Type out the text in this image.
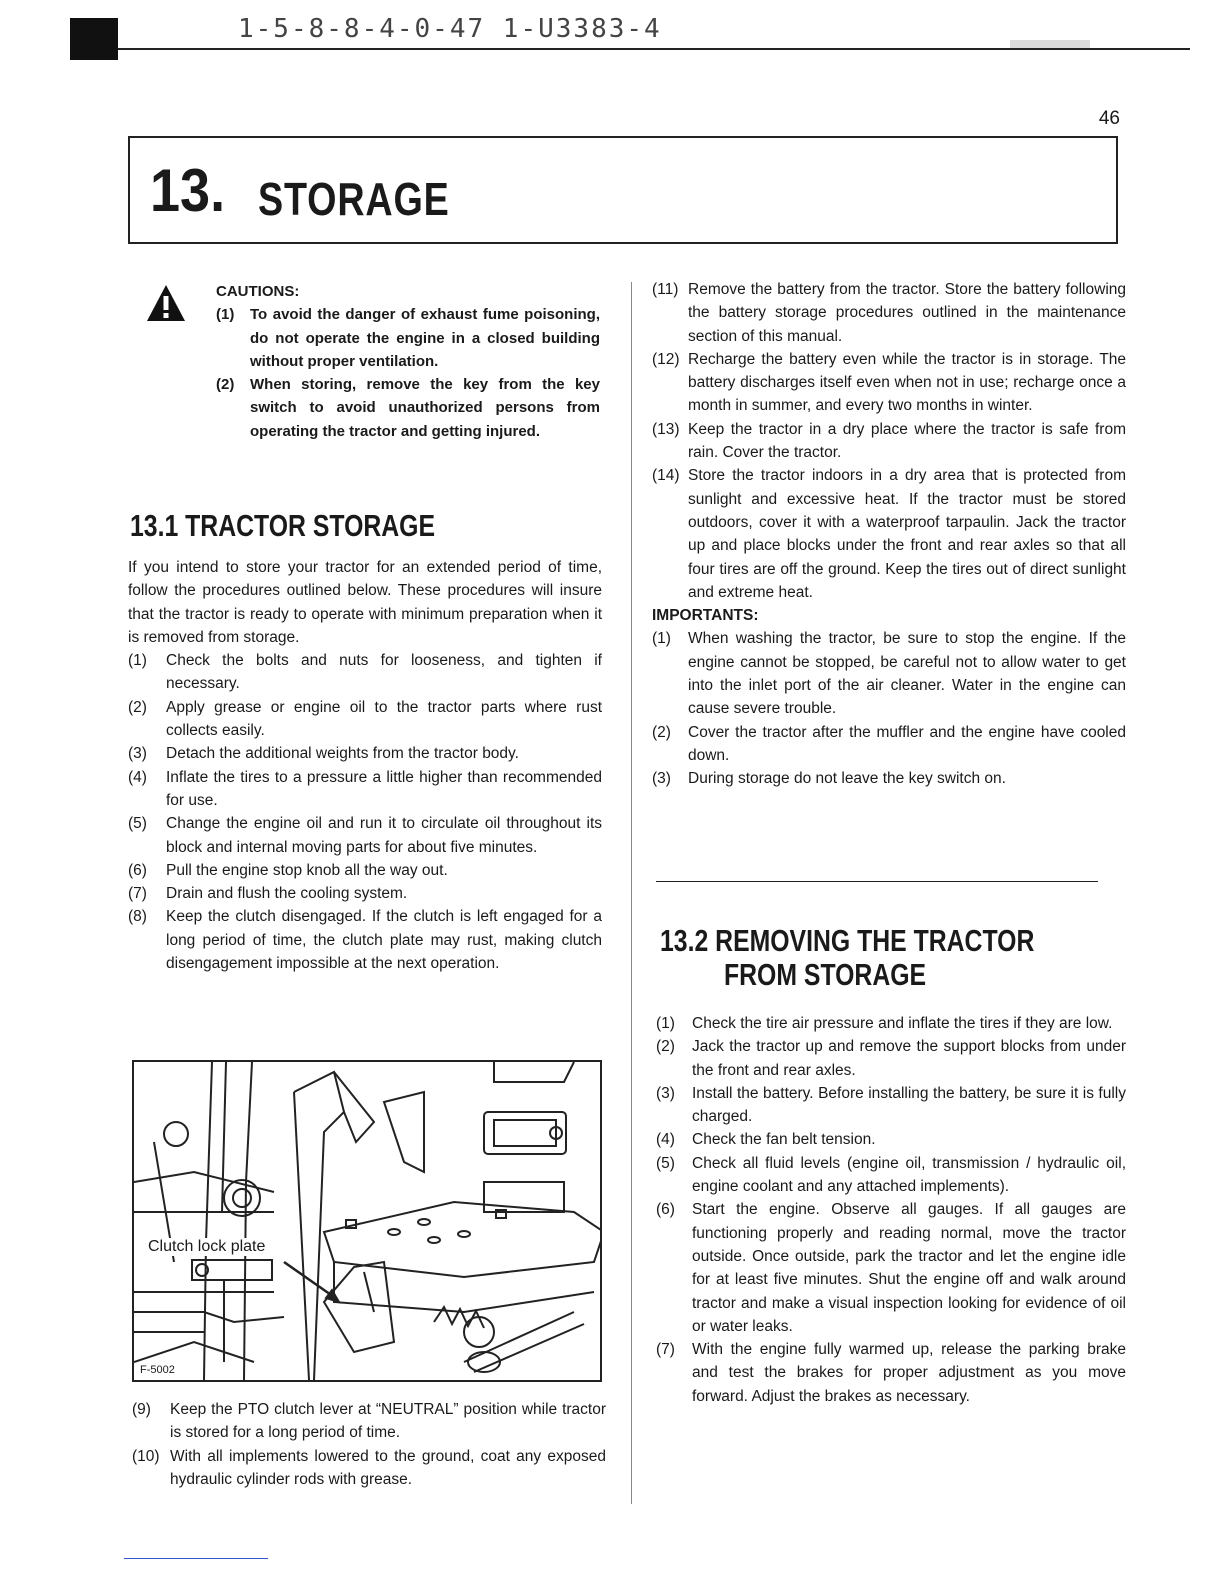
1-5-8-8-4-0-47 1-U3383-4
46
13. STORAGE

CAUTIONS:

(1)	To avoid the danger of exhaust fume poisoning, do not operate the engine in a closed building without proper ventilation.
(2)	When storing, remove the key from the key switch to avoid unauthorized persons from operating the tractor and getting injured.
13.1 TRACTOR STORAGE

If you intend to store your tractor for an extended period of time, follow the procedures outlined below. These procedures will insure that the tractor is ready to operate with minimum preparation when it is removed from storage.

(1)	Check the bolts and nuts for looseness, and tighten if necessary.
(2)	Apply grease or engine oil to the tractor parts where rust collects easily.
(3)	Detach the additional weights from the tractor body.
(4)	Inflate the tires to a pressure a little higher than recommended for use.
(5)	Change the engine oil and run it to circulate oil throughout its block and internal moving parts for about five minutes.
(6)	Pull the engine stop knob all the way out.
(7)	Drain and flush the cooling system.
(8)	Keep the clutch disengaged. If the clutch is left engaged for a long period of time, the clutch plate may rust, making clutch disengagement impossible at the next operation.
Clutch lock plate
F-5002
(9)	Keep the PTO clutch lever at “NEUTRAL” position while tractor is stored for a long period of time.
(10) With all implements lowered to the ground, coat any exposed hydraulic cylinder rods with grease.
(11) Remove the battery from the tractor. Store the battery following the battery storage procedures outlined in the maintenance section of this manual.
(12) Recharge the battery even while the tractor is in storage. The battery discharges itself even when not in use; recharge once a month in summer, and every two months in winter.
(13) Keep the tractor in a dry place where the tractor is safe from rain. Cover the tractor.
(14) Store the tractor indoors in a dry area that is protected from sunlight and excessive heat. If the tractor must be stored outdoors, cover it with a waterproof tarpaulin. Jack the tractor up and place blocks under the front and rear axles so that all four tires are off the ground. Keep the tires out of direct sunlight and extreme heat.

IMPORTANTS:

(1)	When washing the tractor, be sure to stop the engine. If the engine cannot be stopped, be careful not to allow water to get into the inlet port of the air cleaner. Water in the engine can cause severe trouble.
(2)	Cover the tractor after the muffler and the engine have cooled down.
(3)	During storage do not leave the key switch on.
13.2 REMOVING THE TRACTOR
FROM STORAGE
(1)	Check the tire air pressure and inflate the tires if they are low.
(2)	Jack the tractor up and remove the support blocks from under the front and rear axles.
(3)	Install the battery. Before installing the battery, be sure it is fully charged.
(4)	Check the fan belt tension.
(5)	Check all fluid levels (engine oil, transmission / hydraulic oil, engine coolant and any attached implements).
(6)	Start the engine. Observe all gauges. If all gauges are functioning properly and reading normal, move the tractor outside. Once outside, park the tractor and let the engine idle for at least five minutes. Shut the engine off and walk around tractor and make a visual inspection looking for evidence of oil or water leaks.
(7)	With the engine fully warmed up, release the parking brake and test the brakes for proper adjustment as you move forward. Adjust the brakes as necessary.
